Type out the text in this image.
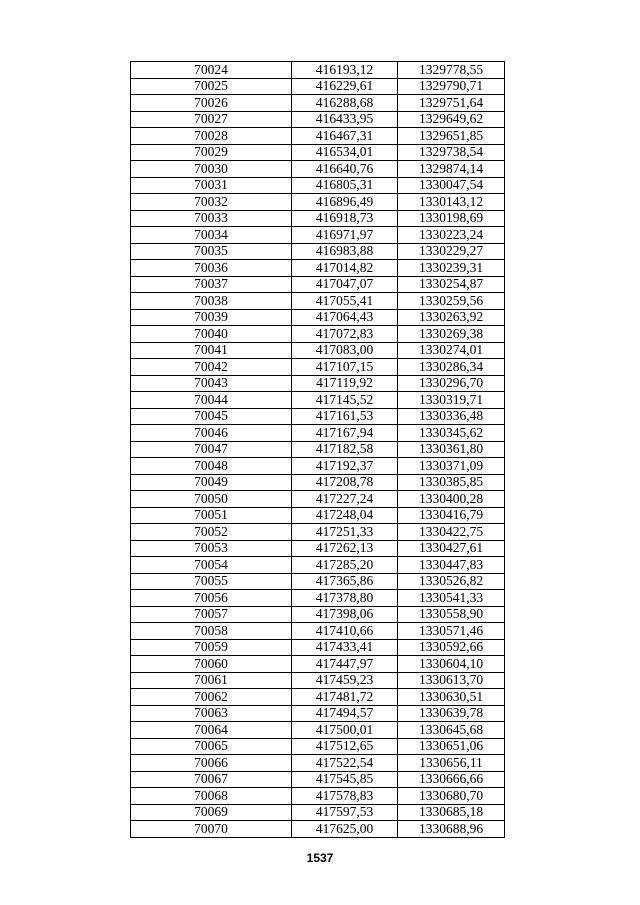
70024	416193,12	1329778,55
70025	416229,61	1329790,71
70026	416288,68	1329751,64
70027	416433,95	1329649,62
70028	416467,31	1329651,85
70029	416534,01	1329738,54
70030	416640,76	1329874,14
70031	416805,31	1330047,54
70032	416896,49	1330143,12
70033	416918,73	1330198,69
70034	416971,97	1330223,24
70035	416983,88	1330229,27
70036	417014,82	1330239,31
70037	417047,07	1330254,87
70038	417055,41	1330259,56
70039	417064,43	1330263,92
70040	417072,83	1330269,38
70041	417083,00	1330274,01
70042	417107,15	1330286,34
70043	417119,92	1330296,70
70044	417145,52	1330319,71
70045	417161,53	1330336,48
70046	417167,94	1330345,62
70047	417182,58	1330361,80
70048	417192,37	1330371,09
70049	417208,78	1330385,85
70050	417227,24	1330400,28
70051	417248,04	1330416,79
70052	417251,33	1330422,75
70053	417262,13	1330427,61
70054	417285,20	1330447,83
70055	417365,86	1330526,82
70056	417378,80	1330541,33
70057	417398,06	1330558,90
70058	417410,66	1330571,46
70059	417433,41	1330592,66
70060	417447,97	1330604,10
70061	417459,23	1330613,70
70062	417481,72	1330630,51
70063	417494,57	1330639,78
70064	417500,01	1330645,68
70065	417512,65	1330651,06
70066	417522,54	1330656,11
70067	417545,85	1330666,66
70068	417578,83	1330680,70
70069	417597,53	1330685,18
70070	417625,00	1330688,96
1537
